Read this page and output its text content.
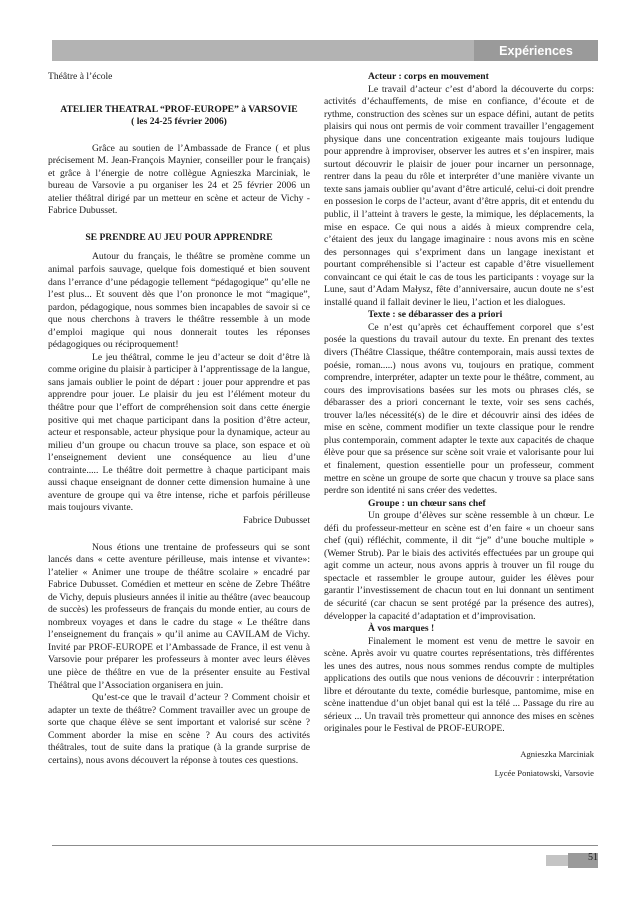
Expériences

Théâtre à l’école

ATELIER THEATRAL “PROF-EUROPE” à VARSOVIE

( les 24-25 février 2006)

Grâce au soutien de l’Ambassade de France ( et plus précisement M. Jean-François Maynier, conseiller pour le français) et grâce à l’énergie de notre collègue Agnieszka Marciniak, le bureau de Varsovie a pu organiser les 24 et 25 février 2006 un atelier théâtral dirigé par un metteur en scène et acteur de Vichy - Fabrice Dubusset.

SE PRENDRE AU JEU POUR APPRENDRE

Autour du français, le théâtre se promène comme un animal parfois sauvage, quelque fois domestiqué et bien souvent dans l’errance d’une pédagogie tellement “pédagogique” qu’elle ne l’est plus... Et souvent dès que l’on prononce le mot “magique”, pardon, pédagogique, nous sommes bien incapables de savoir si ce que nous cherchons à travers le théâtre ressemble à un mode d’emploi magique qui nous donnerait toutes les réponses pédagogiques ou réciproquement!

Le jeu théâtral, comme le jeu d’acteur se doit d’être là comme origine du plaisir à participer à l’apprentissage de la langue, sans jamais oublier le point de départ : jouer pour apprendre et pas apprendre pour jouer. Le plaisir du jeu est l’élément moteur du théâtre pour que l’effort de compréhension soit dans cette énergie positive qui met chaque participant dans la position d’être acteur, acteur et responsable, acteur physique pour la dynamique, acteur au milieu d’un groupe ou chacun trouve sa place, son espace et où l’enseignement devient une conséquence au lieu d’une contrainte..... Le théâtre doit permettre à chaque participant mais aussi chaque enseignant de donner cette dimension humaine à une aventure de groupe qui va être intense, riche et parfois périlleuse mais toujours vivante.

Fabrice Dubusset

Nous étions une trentaine de professeurs qui se sont lancés dans « cette aventure périlleuse, mais intense et vivante»: l’atelier « Animer une troupe de théâtre scolaire » encadré par Fabrice Dubusset. Comédien et metteur en scène de Zebre Théâtre de Vichy, depuis plusieurs années il initie au théâtre (avec beaucoup de succès) les professeurs de français du monde entier, au cours de nombreux voyages et dans le cadre du stage « Le théâtre dans l’enseignement du français » qu’il anime au CAVILAM de Vichy. Invité par PROF-EUROPE et l’Ambassade de France, il est venu à Varsovie pour préparer les professeurs à monter avec leurs élèves une pièce de théâtre en vue de la présenter ensuite au Festival Théâtral que l’Association organisera en juin.

Qu’est-ce que le travail d’acteur ? Comment choisir et adapter un texte de théâtre? Comment travailler avec un groupe de sorte que chaque élève se sent important et valorisé sur scène ? Comment aborder la mise en scène ? Au cours des activités théâtrales, tout de suite dans la pratique (à la grande surprise de certains), nous avons découvert la réponse à toutes ces questions.

Acteur : corps en mouvement

Le travail d’acteur c’est d’abord la découverte du corps: activités d’échauffements, de mise en confiance, d’écoute et de rythme, construction des scènes sur un espace défini, autant de petits plaisirs qui nous ont permis de voir comment travailler l’engagement physique dans une concentration exigeante mais toujours ludique pour apprendre à improviser, observer les autres et s’en inspirer, mais surtout découvrir le plaisir de jouer pour incarner un personnage, rentrer dans la peau du rôle et interpréter d’une manière vivante un texte sans jamais oublier qu’avant d’être articulé, celui-ci doit prendre en possesion le corps de l’acteur, avant d’être appris, dit et entendu du public, il l’atteint à travers le geste, la mimique, les déplacements, la mise en espace. Ce qui nous a aidés à mieux comprendre cela, c’étaient des jeux du langage imaginaire : nous avons mis en scène des personnages qui s’expriment dans un langage inexistant et pourtant compréhensible si l’acteur est capable d’être visuellement convaincant ce qui était le cas de tous les participants : voyage sur la Lune, saut d’Adam Małysz, fête d’anniversaire, aucun doute ne s’est installé quand il fallait deviner le lieu, l’action et les dialogues.

Texte : se débarasser des a priori

Ce n’est qu’après cet échauffement corporel que s’est posée la questions du travail autour du texte. En prenant des textes divers (Théâtre Classique, théâtre contemporain, mais aussi textes de poésie, roman.....) nous avons vu, toujours en pratique, comment comprendre, interpréter, adapter un texte pour le théâtre, comment, au cours des improvisations basées sur les mots ou phrases clés, se débarasser des a priori concernant le texte, voir ses sens cachés, trouver la/les nécessité(s) de le dire et découvrir ainsi des idées de mise en scène, comment modifier un texte classique pour le rendre plus contemporain, comment adapter le texte aux capacités de chaque élève pour que sa présence sur scène soit vraie et valorisante pour lui et finalement, question essentielle pour un professeur, comment mettre en scène un groupe de sorte que chacun y trouve sa place sans perdre son identité ni sans créer des vedettes.

Groupe : un chœur sans chef

Un groupe d’élèves sur scène ressemble à un chœur. Le défi du professeur-metteur en scène est d’en faire « un choeur sans chef (qui) réfléchit, commente, il dit “je” d’une bouche multiple » (Wemer Strub). Par le biais des activités effectuées par un groupe qui agit comme un acteur, nous avons appris à trouver un fil rouge du spectacle et rassembler le groupe autour, guider les élèves pour garantir l’investissement de chacun tout en lui donnant un sentiment de sécurité (car chacun se sent protégé par la présence des autres), développer la capacité d’adaptation et d’improvisation.

À vos marques !

Finalement le moment est venu de mettre le savoir en scène. Après avoir vu quatre courtes représentations, très différentes les unes des autres, nous nous sommes rendus compte de multiples applications des outils que nous venions de découvrir : interprétation libre et déroutante du texte, comédie burlesque, pantomime, mise en scène inattendue d’un objet banal qui est la télé ... Passage du rire au sérieux ... Un travail très prometteur qui annonce des mises en scènes originales pour le Festival de PROF-EUROPE.

Agnieszka Marciniak

Lycée Poniatowski, Varsovie

51
